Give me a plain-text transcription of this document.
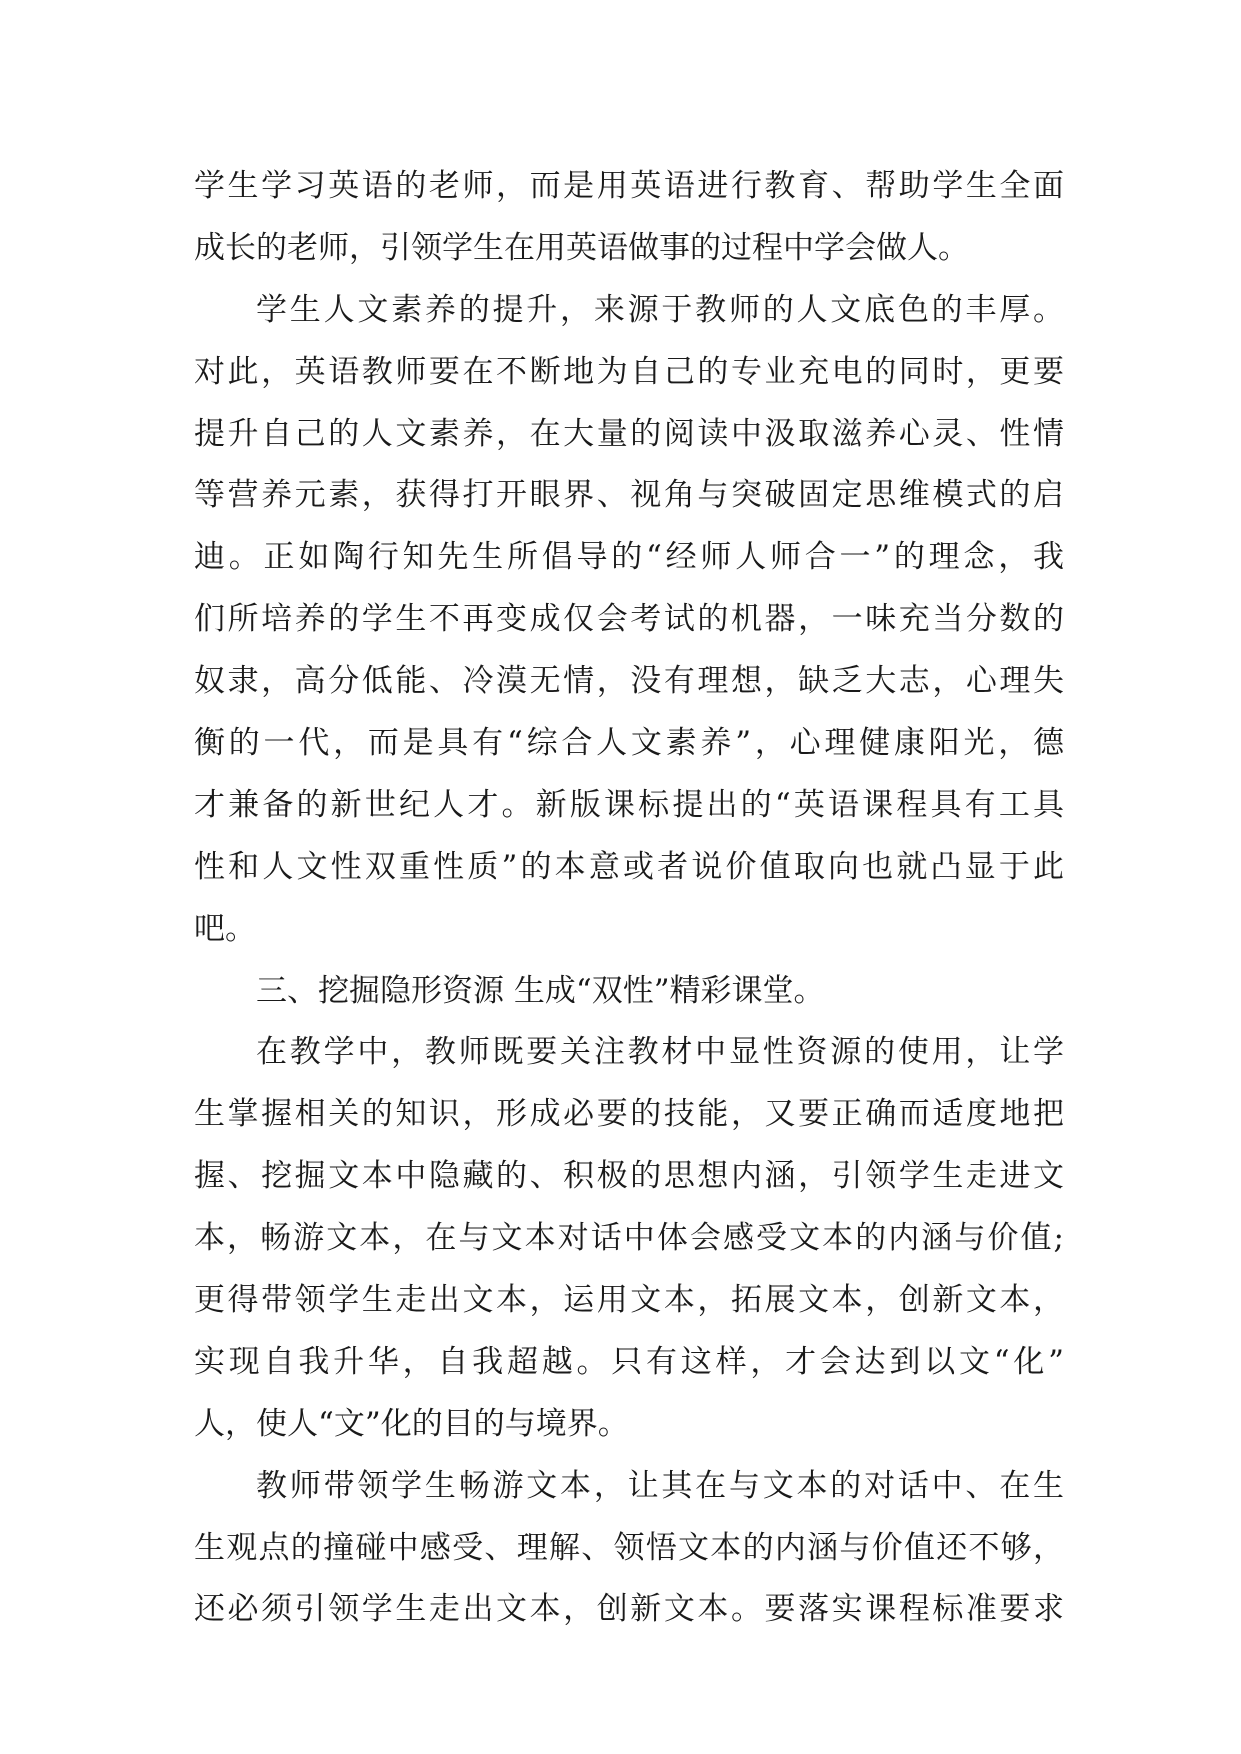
学生学习英语的老师，而是用英语进行教育、帮助学生全面
成长的老师，引领学生在用英语做事的过程中学会做人。
学生人文素养的提升，来源于教师的人文底色的丰厚。
对此，英语教师要在不断地为自己的专业充电的同时，更要
提升自己的人文素养，在大量的阅读中汲取滋养心灵、性情
等营养元素，获得打开眼界、视角与突破固定思维模式的启
迪。正如陶行知先生所倡导的“经师人师合一”的理念，我
们所培养的学生不再变成仅会考试的机器，一味充当分数的
奴隶，高分低能、冷漠无情，没有理想，缺乏大志，心理失
衡的一代，而是具有“综合人文素养”，心理健康阳光，德
才兼备的新世纪人才。新版课标提出的“英语课程具有工具
性和人文性双重性质”的本意或者说价值取向也就凸显于此
吧。
三、挖掘隐形资源 生成“双性”精彩课堂。
在教学中，教师既要关注教材中显性资源的使用，让学
生掌握相关的知识，形成必要的技能，又要正确而适度地把
握、挖掘文本中隐藏的、积极的思想内涵，引领学生走进文
本，畅游文本，在与文本对话中体会感受文本的内涵与价值;
更得带领学生走出文本，运用文本，拓展文本，创新文本，
实现自我升华，自我超越。只有这样，才会达到以文“化”
人，使人“文”化的目的与境界。
教师带领学生畅游文本，让其在与文本的对话中、在生
生观点的撞碰中感受、理解、领悟文本的内涵与价值还不够，
还必须引领学生走出文本，创新文本。要落实课程标准要求
